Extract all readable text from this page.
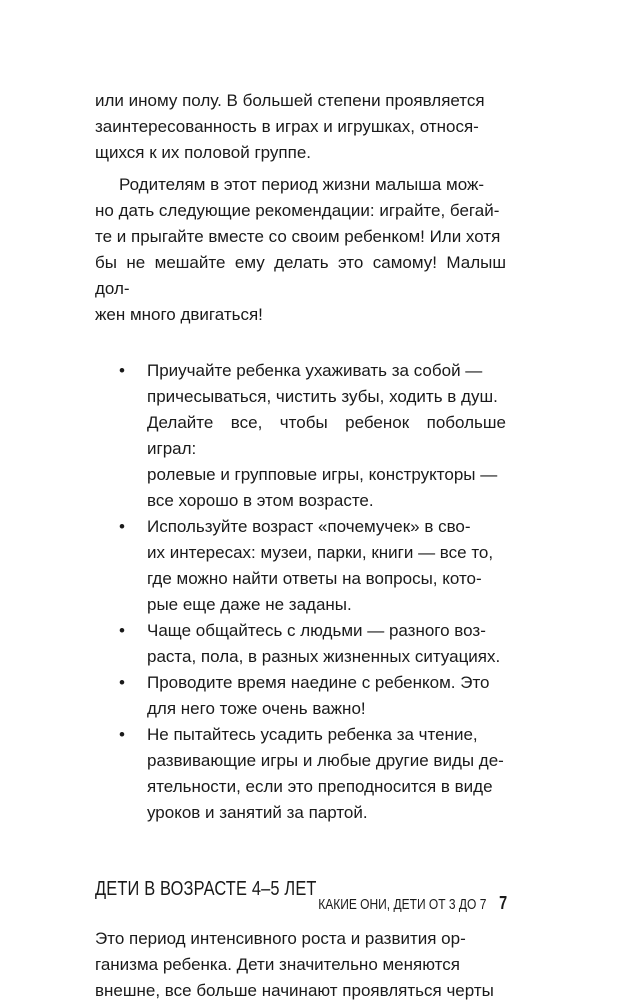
или иному полу. В большей степени проявляется
заинтересованность в играх и игрушках, относя-
щихся к их половой группе.

Родителям в этот период жизни малыша мож-
но дать следующие рекомендации: играйте, бегай-
те и прыгайте вместе со своим ребенком! Или хотя
бы не мешайте ему делать это самому! Малыш дол-
жен много двигаться!

• Приучайте ребенка ухаживать за собой —
причесываться, чистить зубы, ходить в душ.
Делайте все, чтобы ребенок побольше играл:
ролевые и групповые игры, конструкторы —
все хорошо в этом возрасте.
• Используйте возраст «почемучек» в сво-
их интересах: музеи, парки, книги — все то,
где можно найти ответы на вопросы, кото-
рые еще даже не заданы.
• Чаще общайтесь с людьми — разного воз-
раста, пола, в разных жизненных ситуациях.
• Проводите время наедине с ребенком. Это
для него тоже очень важно!
• Не пытайтесь усадить ребенка за чтение,
развивающие игры и любые другие виды де-
ятельности, если это преподносится в виде
уроков и занятий за партой.
ДЕТИ В ВОЗРАСТЕ 4–5 ЛЕТ

Это период интенсивного роста и развития ор-
ганизма ребенка. Дети значительно меняются
внешне, все больше начинают проявляться черты

КАКИЕ ОНИ, ДЕТИ ОТ 3 ДО 7 7
